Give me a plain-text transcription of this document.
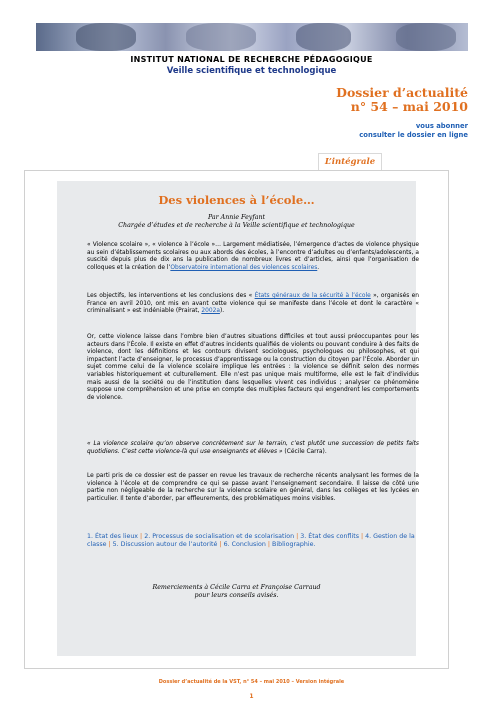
INSTITUT NATIONAL DE RECHERCHE PÉDAGOGIQUE
Veille scientifique et technologique
Dossier d’actualité
n° 54 – mai 2010
vous abonner
consulter le dossier en ligne
L’intégrale
Des violences à l’école…
Par Annie Feyfant
Chargée d’études et de recherche à la Veille scientifique et technologique
« Violence scolaire », « violence à l’école »… Largement médiatisée, l’émergence d’actes de violence physique au sein d’établissements scolaires ou aux abords des écoles, à l’encontre d’adultes ou d’enfants/adolescents, a suscité depuis plus de dix ans la publication de nombreux livres et d’articles, ainsi que l’organisation de colloques et la création de l’Observatoire international des violences scolaires.
Les objectifs, les interventions et les conclusions des « États généraux de la sécurité à l’école », organisés en France en avril 2010, ont mis en avant cette violence qui se manifeste dans l’école et dont le caractère « criminalisant » est indéniable (Prairat, 2002a).
Or, cette violence laisse dans l’ombre bien d’autres situations difficiles et tout aussi préoccupantes pour les acteurs dans l’École. Il existe en effet d’autres incidents qualifiés de violents ou pouvant conduire à des faits de violence, dont les définitions et les contours divisent sociologues, psychologues ou philosophes, et qui impactent l’acte d’enseigner, le processus d’apprentissage ou la construction du citoyen par l’École. Aborder un sujet comme celui de la violence scolaire implique les entrées : la violence se définit selon des normes variables historiquement et culturellement. Elle n’est pas unique mais multiforme, elle est le fait d’individus mais aussi de la société ou de l’institution dans lesquelles vivent ces individus ; analyser ce phénomène suppose une compréhension et une prise en compte des multiples facteurs qui engendrent les comportements de violence.
« La violence scolaire qu’on observe concrètement sur le terrain, c’est plutôt une succession de petits faits quotidiens. C’est cette violence-là qui use enseignants et élèves » (Cécile Carra).
Le parti pris de ce dossier est de passer en revue les travaux de recherche récents analysant les formes de la violence à l’école et de comprendre ce qui se passe avant l’enseignement secondaire. Il laisse de côté une partie non négligeable de la recherche sur la violence scolaire en général, dans les collèges et les lycées en particulier. Il tente d’aborder, par effleurements, des problématiques moins visibles.
1. État des lieux | 2. Processus de socialisation et de scolarisation | 3. État des conflits | 4. Gestion de la classe | 5. Discussion autour de l’autorité | 6. Conclusion | Bibliographie.
Remerciements à Cécile Carra et Françoise Carraud
pour leurs conseils avisés.
Dossier d’actualité de la VST, n° 54 – mai 2010 – Version intégrale
1
